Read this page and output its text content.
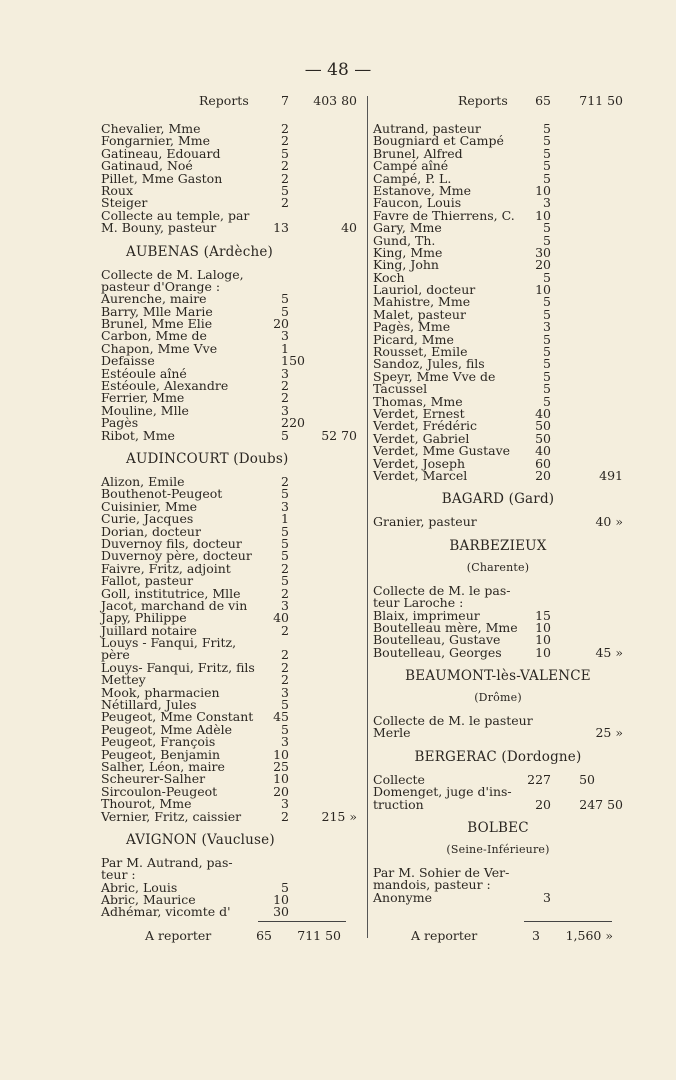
— 48 —
Reports	7 403 80
Chevalier, Mme	2
Fongarnier, Mme	2
Gatineau, Edouard	5
Gatinaud, Noé	2
Pillet, Mme Gaston	2
Roux	5
Steiger	2
Collecte au temple, par
M. Bouny, pasteur	13	40
AUBENAS (Ardèche)
Collecte de M. Laloge,
pasteur d'Orange :
Aurenche, maire	5
Barry, Mlle Marie	5
Brunel, Mme Elie	20
Carbon, Mme de	3
Chapon, Mme Vve	1
Defaisse	1 50
Estéoule aîné	3
Estéoule, Alexandre	2
Ferrier, Mme	2
Mouline, Mlle	3
Pagès	2 20
Ribot, Mme	5	52 70
AUDINCOURT (Doubs)
Alizon, Emile	2
Bouthenot-Peugeot	5
Cuisinier, Mme	3
Curie, Jacques	1
Dorian, docteur	5
Duvernoy fils, docteur	5
Duvernoy père, docteur 5
Faivre, Fritz, adjoint	2
Fallot, pasteur	5
Goll, institutrice, Mlle	2
Jacot, marchand de vin	3
Japy, Philippe	40
Juillard notaire	2
Louys - Fanqui, Fritz,
père	2
Louys- Fanqui, Fritz, fils 2
Mettey	2
Mook, pharmacien	3
Nétillard, Jules	5
Peugeot, Mme Constant 45
Peugeot, Mme Adèle	5
Peugeot, François	3
Peugeot, Benjamin	10
Salher, Léon, maire	25
Scheurer-Salher	10
Sircoulon-Peugeot	20
Thourot, Mme	3
Vernier, Fritz, caissier	2	215 »
AVIGNON (Vaucluse)
Par M. Autrand, pas-
teur :
Abric, Louis	5
Abric, Maurice	10
Adhémar, vicomte d'	30
Reports 65 711 50
Autrand, pasteur	5
Bougniard et Campé	5
Brunel, Alfred	5
Campé aîné	5
Campé, P. L.	5
Estanove, Mme	10
Faucon, Louis	3
Favre de Thierrens, C. 10
Gary, Mme	5
Gund, Th.	5
King, Mme	30
King, John	20
Koch	5
Lauriol, docteur	10
Mahistre, Mme	5
Malet, pasteur	5
Pagès, Mme	3
Picard, Mme	5
Rousset, Emile	5
Sandoz, Jules, fils	5
Speyr, Mme Vve de	5
Tacussel	5
Thomas, Mme	5
Verdet, Ernest	40
Verdet, Frédéric	50
Verdet, Gabriel	50
Verdet, Mme Gustave 40
Verdet, Joseph	60
Verdet, Marcel	20	491
BAGARD (Gard)
Granier, pasteur	40 »
BARBEZIEUX
(Charente)
Collecte de M. le pas-
teur Laroche :
Blaix, imprimeur	15
Boutelleau mère, Mme 10
Boutelleau, Gustave	10
Boutelleau, Georges	10	45 »
BEAUMONT-lès-VALENCE
(Drôme)
Collecte de M. le pasteur
Merle	25 »
BERGERAC (Dordogne)
Collecte	227 50
Domenget, juge d'ins-
truction	20 247 50
BOLBEC
(Seine-Inférieure)
Par M. Sohier de Ver-
mandois, pasteur :
Anonyme	3
A reporter	65 711 50	A reporter	3 1,560 »
